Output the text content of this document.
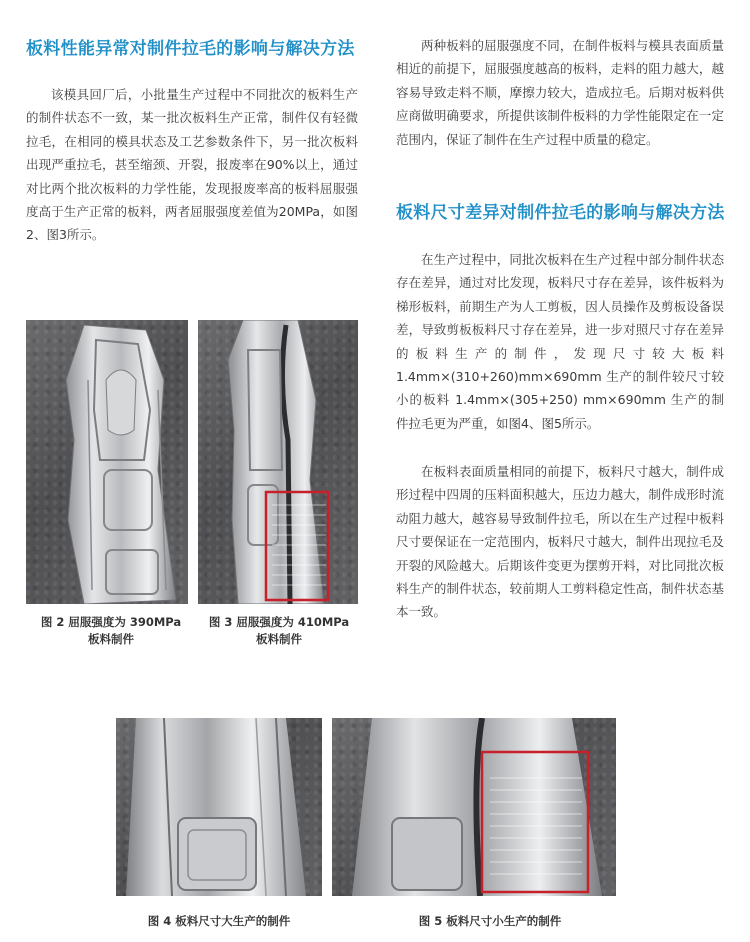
板料性能异常对制件拉毛的影响与解决方法

该模具回厂后，小批量生产过程中不同批次的板料生产的制件状态不一致，某一批次板料生产正常，制件仅有轻微拉毛，在相同的模具状态及工艺参数条件下，另一批次板料出现严重拉毛，甚至缩颈、开裂，报废率在90%以上，通过对比两个批次板料的力学性能，发现报废率高的板料屈服强度高于生产正常的板料，两者屈服强度差值为20MPa，如图2、图3所示。

图 2 屈服强度为 390MPa

板料制件

图 3 屈服强度为 410MPa

板料制件

两种板料的屈服强度不同，在制件板料与模具表面质量相近的前提下，屈服强度越高的板料，走料的阻力越大，越容易导致走料不顺，摩擦力较大，造成拉毛。后期对板料供应商做明确要求，所提供该制件板料的力学性能限定在一定范围内，保证了制件在生产过程中质量的稳定。

板料尺寸差异对制件拉毛的影响与解决方法

在生产过程中，同批次板料在生产过程中部分制件状态存在差异，通过对比发现，板料尺寸存在差异，该件板料为梯形板料，前期生产为人工剪板，因人员操作及剪板设备误差，导致剪板板料尺寸存在差异，进一步对照尺寸存在差异的板料生产的制件，发现尺寸较大板料 1.4mm×(310+260)mm×690mm 生产的制件较尺寸较小的板料 1.4mm×(305+250) mm×690mm 生产的制件拉毛更为严重，如图4、图5所示。

在板料表面质量相同的前提下，板料尺寸越大，制件成形过程中四周的压料面积越大，压边力越大，制件成形时流动阻力越大，越容易导致制件拉毛，所以在生产过程中板料尺寸要保证在一定范围内，板料尺寸越大，制件出现拉毛及开裂的风险越大。后期该件变更为摆剪开料，对比同批次板料生产的制件状态，较前期人工剪料稳定性高，制件状态基本一致。

图 4 板料尺寸大生产的制件	图 5 板料尺寸小生产的制件
